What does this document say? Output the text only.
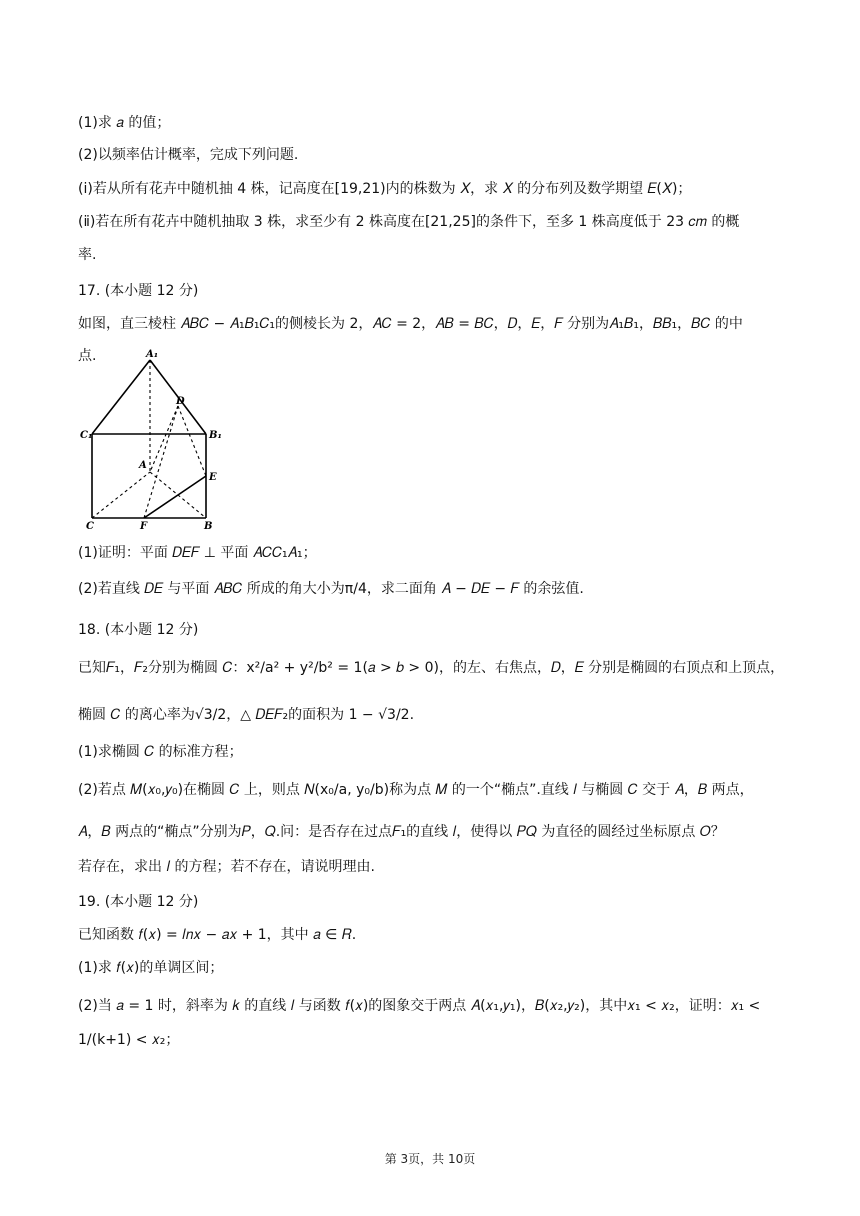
(1)求 𝑎 的值；
(2)以频率估计概率，完成下列问题.
(ⅰ)若从所有花卉中随机抽 4 株，记高度在[19,21)内的株数为 𝑋，求 𝑋 的分布列及数学期望 𝐸(𝑋)；
(ⅱ)若在所有花卉中随机抽取 3 株，求至少有 2 株高度在[21,25]的条件下，至多 1 株高度低于 23 𝑐𝑚 的概
率.
17. (本小题 12 分)
如图，直三棱柱 𝐴𝐵𝐶 − 𝐴₁𝐵₁𝐶₁的侧棱长为 2，𝐴𝐶 = 2，𝐴𝐵 = 𝐵𝐶，𝐷，𝐸，𝐹 分别为𝐴₁𝐵₁，𝐵𝐵₁，𝐵𝐶 的中
点.
(1)证明：平面 𝐷𝐸𝐹 ⊥ 平面 𝐴𝐶𝐶₁𝐴₁；
(2)若直线 𝐷𝐸 与平面 𝐴𝐵𝐶 所成的角大小为π/4，求二面角 𝐴 − 𝐷𝐸 − 𝐹 的余弦值.
18. (本小题 12 分)
已知𝐹₁，𝐹₂分别为椭圆 𝐶：x²/a² + y²/b² = 1(𝑎 > 𝑏 > 0)，的左、右焦点，𝐷，𝐸 分别是椭圆的右顶点和上顶点，
椭圆 𝐶 的离心率为√3/2，△ 𝐷𝐸𝐹₂的面积为 1 − √3/2.
(1)求椭圆 𝐶 的标准方程；
(2)若点 𝑀(𝑥₀,𝑦₀)在椭圆 𝐶 上，则点 𝑁(x₀/a, y₀/b)称为点 𝑀 的一个“椭点”.直线 𝑙 与椭圆 𝐶 交于 𝐴，𝐵 两点，
𝐴，𝐵 两点的“椭点”分别为𝑃，𝑄.问：是否存在过点𝐹₁的直线 𝑙，使得以 𝑃𝑄 为直径的圆经过坐标原点 𝑂？
若存在，求出 𝑙 的方程；若不存在，请说明理由.
19. (本小题 12 分)
已知函数 𝑓(𝑥) = 𝑙𝑛𝑥 − 𝑎𝑥 + 1，其中 𝑎 ∈ 𝑅.
(1)求 𝑓(𝑥)的单调区间；
(2)当 𝑎 = 1 时，斜率为 𝑘 的直线 𝑙 与函数 𝑓(𝑥)的图象交于两点 𝐴(𝑥₁,𝑦₁)，𝐵(𝑥₂,𝑦₂)，其中𝑥₁ < 𝑥₂，证明：𝑥₁ <
1/(k+1) < 𝑥₂；
A₁
C₁	B₁
D
A
E
C	F	B
第 3页，共 10页
